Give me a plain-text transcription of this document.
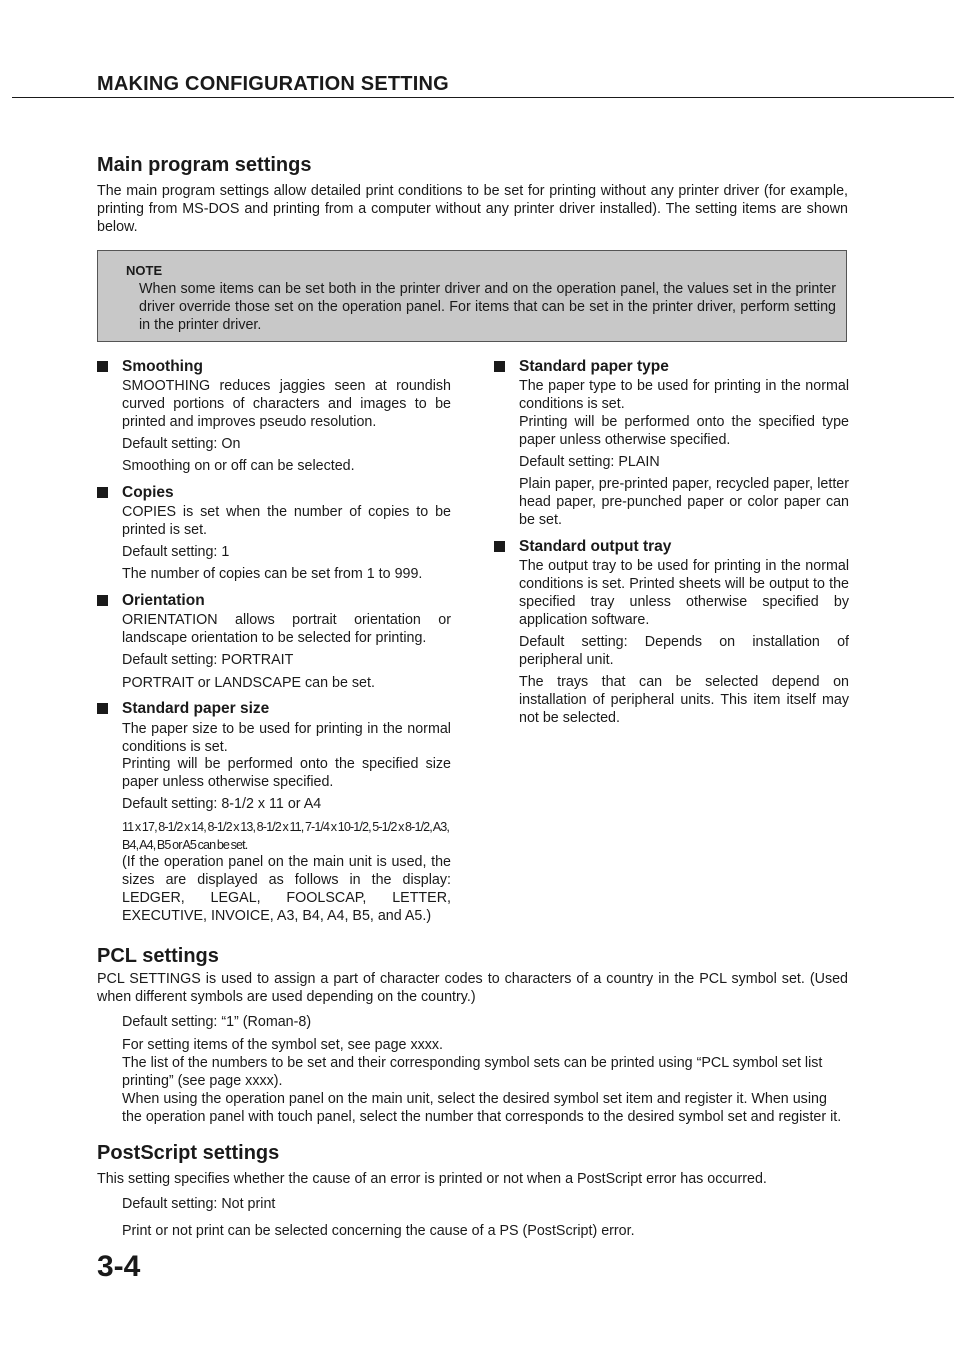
MAKING CONFIGURATION SETTING
Main program settings
The main program settings allow detailed print conditions to be set for printing without any printer driver (for example, printing from MS-DOS and printing from a computer without any printer driver installed). The setting items are shown below.
NOTE
When some items can be set both in the printer driver and on the operation panel, the values set in the printer driver override those set on the operation panel. For items that can be set in the printer driver, perform setting in the printer driver.
Smoothing
SMOOTHING reduces jaggies seen at roundish curved portions of characters and images to be printed and improves pseudo resolution.
Default setting: On
Smoothing on or off can be selected.
Copies
COPIES is set when the number of copies to be printed is set.
Default setting: 1
The number of copies can be set from 1 to 999.
Orientation
ORIENTATION allows portrait orientation or landscape orientation to be selected for printing.
Default setting: PORTRAIT
PORTRAIT or LANDSCAPE can be set.
Standard paper size
The paper size to be used for printing in the normal conditions is set.
Printing will be performed onto the specified size paper unless otherwise specified.
Default setting: 8-1/2 x 11 or A4
11 x 17, 8-1/2 x 14, 8-1/2 x 13, 8-1/2 x 11, 7-1/4 x 10-1/2, 5-1/2 x 8-1/2, A3, B4, A4, B5 or A5 can be set.
(If the operation panel on the main unit is used, the sizes are displayed as follows in the display: LEDGER, LEGAL, FOOLSCAP, LETTER, EXECUTIVE, INVOICE, A3, B4, A4, B5, and A5.)
Standard paper type
The paper type to be used for printing in the normal conditions is set.
Printing will be performed onto the specified type paper unless otherwise specified.
Default setting: PLAIN
Plain paper, pre-printed paper, recycled paper, letter head paper, pre-punched paper or color paper can be set.
Standard output tray
The output tray to be used for printing in the normal conditions is set. Printed sheets will be output to the specified tray unless otherwise specified by application software.
Default setting: Depends on installation of peripheral unit.
The trays that can be selected depend on installation of peripheral units. This item itself may not be selected.
PCL settings
PCL SETTINGS is used to assign a part of character codes to characters of a country in the PCL symbol set. (Used when different symbols are used depending on the country.)
Default setting: “1” (Roman-8)
For setting items of the symbol set, see page xxxx.
The list of the numbers to be set and their corresponding symbol sets can be printed using “PCL symbol set list printing” (see page xxxx).
When using the operation panel on the main unit, select the desired symbol set item and register it. When using the operation panel with touch panel, select the number that corresponds to the desired symbol set and register it.
PostScript settings
This setting specifies whether the cause of an error is printed or not when a PostScript error has occurred.
Default setting: Not print
Print or not print can be selected concerning the cause of a PS (PostScript) error.
3-4
